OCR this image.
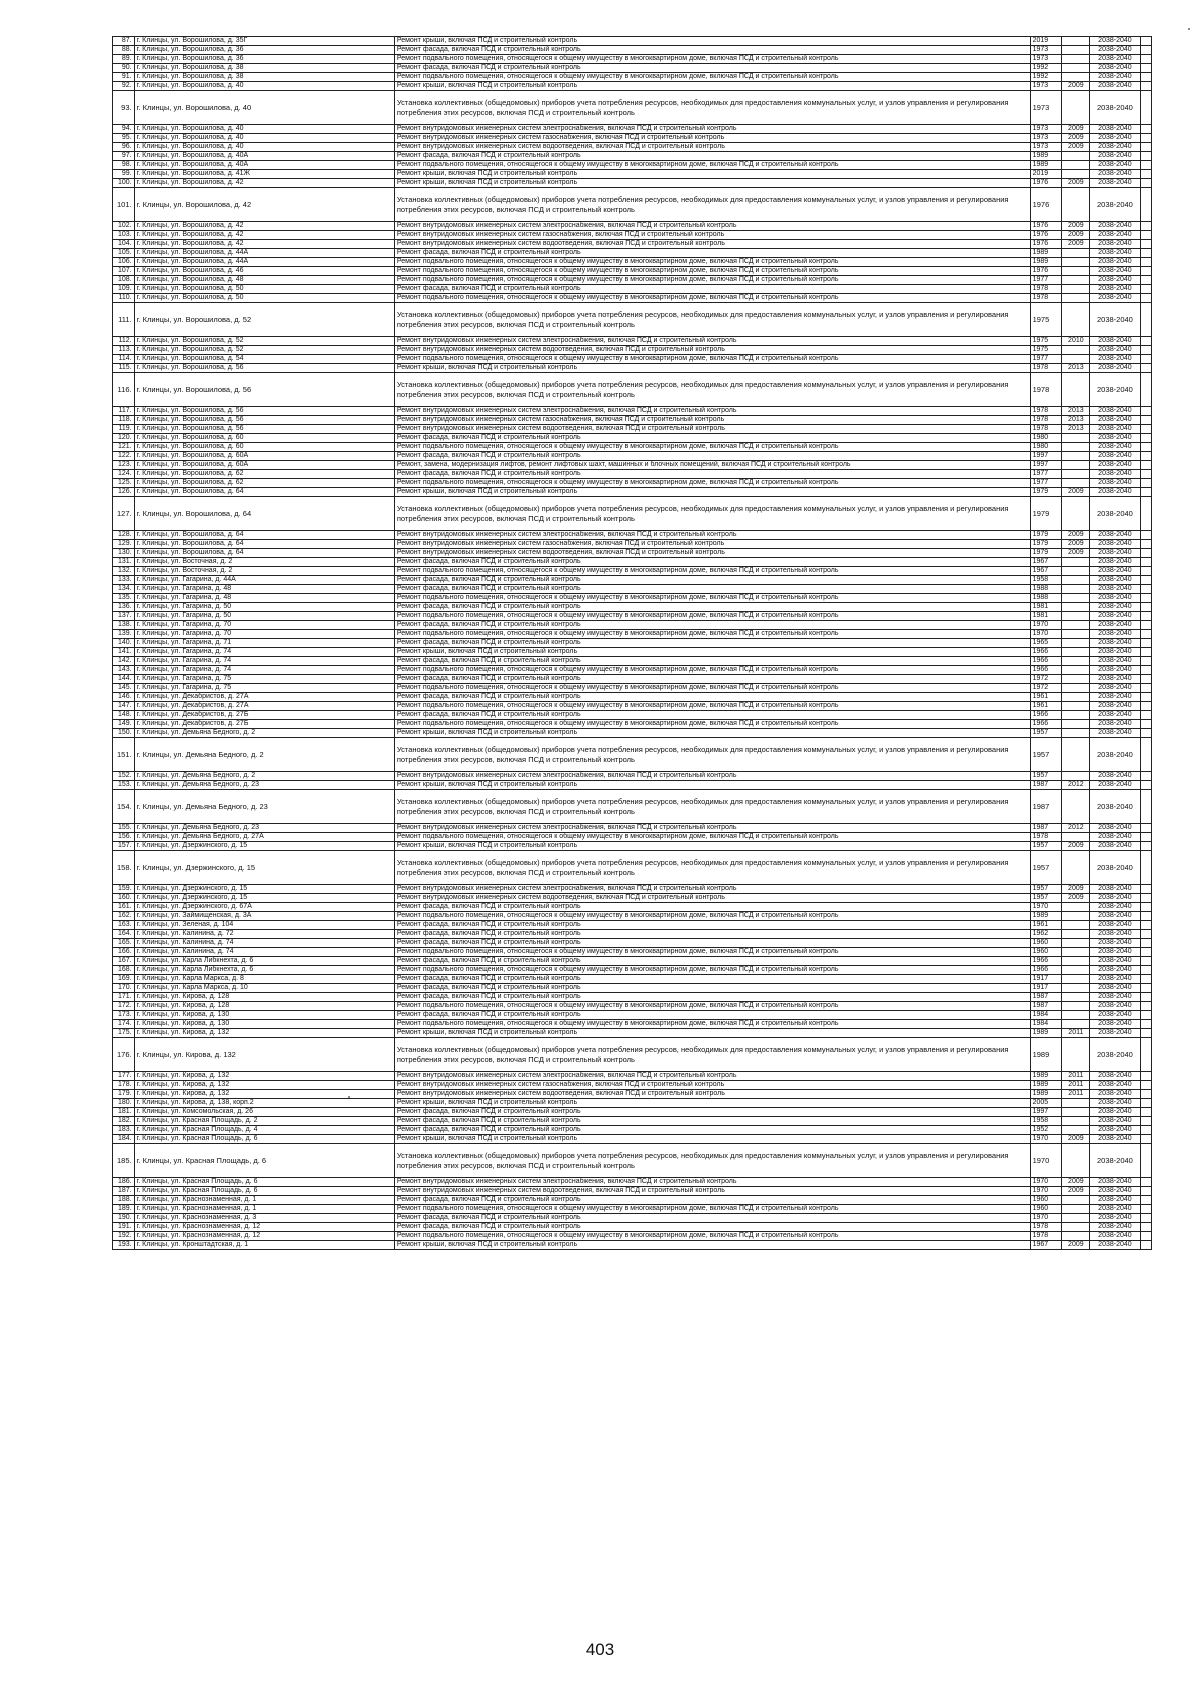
87.	г. Клинцы, ул. Ворошилова, д. 35Г	Ремонт крыши, включая ПСД и строительный контроль	2019		2038-2040	
88.	г. Клинцы, ул. Ворошилова, д. 36	Ремонт фасада, включая ПСД и строительный контроль	1973		2038-2040	
89.	г. Клинцы, ул. Ворошилова, д. 36	Ремонт подвального помещения, относящегося к общему имуществу в многоквартирном доме, включая ПСД и строительный контроль	1973		2038-2040	
90.	г. Клинцы, ул. Ворошилова, д. 38	Ремонт фасада, включая ПСД и строительный контроль	1992		2038-2040	
91.	г. Клинцы, ул. Ворошилова, д. 38	Ремонт подвального помещения, относящегося к общему имуществу в многоквартирном доме, включая ПСД и строительный контроль	1992		2038-2040	
92.	г. Клинцы, ул. Ворошилова, д. 40	Ремонт крыши, включая ПСД и строительный контроль	1973	2009	2038-2040	
93.	г. Клинцы, ул. Ворошилова, д. 40	Установка коллективных (общедомовых) приборов учета потребления ресурсов, необходимых для предоставления коммунальных услуг, и узлов управления и регулирования потребления этих ресурсов, включая ПСД и строительный контроль	1973		2038-2040	
94.	г. Клинцы, ул. Ворошилова, д. 40	Ремонт внутридомовых инженерных систем электроснабжения, включая ПСД и строительный контроль	1973	2009	2038-2040	
95.	г. Клинцы, ул. Ворошилова, д. 40	Ремонт внутридомовых инженерных систем газоснабжения, включая ПСД и строительный контроль	1973	2009	2038-2040	
96.	г. Клинцы, ул. Ворошилова, д. 40	Ремонт внутридомовых инженерных систем водоотведения, включая ПСД и строительный контроль	1973	2009	2038-2040	
97.	г. Клинцы, ул. Ворошилова, д. 40А	Ремонт фасада, включая ПСД и строительный контроль	1989		2038-2040	
98.	г. Клинцы, ул. Ворошилова, д. 40А	Ремонт подвального помещения, относящегося к общему имуществу в многоквартирном доме, включая ПСД и строительный контроль	1989		2038-2040	
99.	г. Клинцы, ул. Ворошилова, д. 41Ж	Ремонт крыши, включая ПСД и строительный контроль	2019		2038-2040	
100.	г. Клинцы, ул. Ворошилова, д. 42	Ремонт крыши, включая ПСД и строительный контроль	1976	2009	2038-2040	
101.	г. Клинцы, ул. Ворошилова, д. 42	Установка коллективных (общедомовых) приборов учета потребления ресурсов, необходимых для предоставления коммунальных услуг, и узлов управления и регулирования потребления этих ресурсов, включая ПСД и строительный контроль	1976		2038-2040	
102.	г. Клинцы, ул. Ворошилова, д. 42	Ремонт внутридомовых инженерных систем электроснабжения, включая ПСД и строительный контроль	1976	2009	2038-2040	
103.	г. Клинцы, ул. Ворошилова, д. 42	Ремонт внутридомовых инженерных систем газоснабжения, включая ПСД и строительный контроль	1976	2009	2038-2040	
104.	г. Клинцы, ул. Ворошилова, д. 42	Ремонт внутридомовых инженерных систем водоотведения, включая ПСД и строительный контроль	1976	2009	2038-2040	
105.	г. Клинцы, ул. Ворошилова, д. 44А	Ремонт фасада, включая ПСД и строительный контроль	1989		2038-2040	
106.	г. Клинцы, ул. Ворошилова, д. 44А	Ремонт подвального помещения, относящегося к общему имуществу в многоквартирном доме, включая ПСД и строительный контроль	1989		2038-2040	
107.	г. Клинцы, ул. Ворошилова, д. 46	Ремонт подвального помещения, относящегося к общему имуществу в многоквартирном доме, включая ПСД и строительный контроль	1976		2038-2040	
108.	г. Клинцы, ул. Ворошилова, д. 48	Ремонт подвального помещения, относящегося к общему имуществу в многоквартирном доме, включая ПСД и строительный контроль	1977		2038-2040	
109.	г. Клинцы, ул. Ворошилова, д. 50	Ремонт фасада, включая ПСД и строительный контроль	1978		2038-2040	
110.	г. Клинцы, ул. Ворошилова, д. 50	Ремонт подвального помещения, относящегося к общему имуществу в многоквартирном доме, включая ПСД и строительный контроль	1978		2038-2040	
111.	г. Клинцы, ул. Ворошилова, д. 52	Установка коллективных (общедомовых) приборов учета потребления ресурсов, необходимых для предоставления коммунальных услуг, и узлов управления и регулирования потребления этих ресурсов, включая ПСД и строительный контроль	1975		2038-2040	
112.	г. Клинцы, ул. Ворошилова, д. 52	Ремонт внутридомовых инженерных систем электроснабжения, включая ПСД и строительный контроль	1975	2010	2038-2040	
113.	г. Клинцы, ул. Ворошилова, д. 52	Ремонт внутридомовых инженерных систем водоотведения, включая ПСД и строительный контроль	1975		2038-2040	
114.	г. Клинцы, ул. Ворошилова, д. 54	Ремонт подвального помещения, относящегося к общему имуществу в многоквартирном доме, включая ПСД и строительный контроль	1977		2038-2040	
115.	г. Клинцы, ул. Ворошилова, д. 56	Ремонт крыши, включая ПСД и строительный контроль	1978	2013	2038-2040	
116.	г. Клинцы, ул. Ворошилова, д. 56	Установка коллективных (общедомовых) приборов учета потребления ресурсов, необходимых для предоставления коммунальных услуг, и узлов управления и регулирования потребления этих ресурсов, включая ПСД и строительный контроль	1978		2038-2040	
117.	г. Клинцы, ул. Ворошилова, д. 56	Ремонт внутридомовых инженерных систем электроснабжения, включая ПСД и строительный контроль	1978	2013	2038-2040	
118.	г. Клинцы, ул. Ворошилова, д. 56	Ремонт внутридомовых инженерных систем газоснабжения, включая ПСД и строительный контроль	1978	2013	2038-2040	
119.	г. Клинцы, ул. Ворошилова, д. 56	Ремонт внутридомовых инженерных систем водоотведения, включая ПСД и строительный контроль	1978	2013	2038-2040	
120.	г. Клинцы, ул. Ворошилова, д. 60	Ремонт фасада, включая ПСД и строительный контроль	1980		2038-2040	
121.	г. Клинцы, ул. Ворошилова, д. 60	Ремонт подвального помещения, относящегося к общему имуществу в многоквартирном доме, включая ПСД и строительный контроль	1980		2038-2040	
122.	г. Клинцы, ул. Ворошилова, д. 60А	Ремонт фасада, включая ПСД и строительный контроль	1997		2038-2040	
123.	г. Клинцы, ул. Ворошилова, д. 60А	Ремонт, замена, модернизация лифтов, ремонт лифтовых шахт, машинных и блочных помещений, включая ПСД и строительный контроль	1997		2038-2040	
124.	г. Клинцы, ул. Ворошилова, д. 62	Ремонт фасада, включая ПСД и строительный контроль	1977		2038-2040	
125.	г. Клинцы, ул. Ворошилова, д. 62	Ремонт подвального помещения, относящегося к общему имуществу в многоквартирном доме, включая ПСД и строительный контроль	1977		2038-2040	
126.	г. Клинцы, ул. Ворошилова, д. 64	Ремонт крыши, включая ПСД и строительный контроль	1979	2009	2038-2040	
127.	г. Клинцы, ул. Ворошилова, д. 64	Установка коллективных (общедомовых) приборов учета потребления ресурсов, необходимых для предоставления коммунальных услуг, и узлов управления и регулирования потребления этих ресурсов, включая ПСД и строительный контроль	1979		2038-2040	
128.	г. Клинцы, ул. Ворошилова, д. 64	Ремонт внутридомовых инженерных систем электроснабжения, включая ПСД и строительный контроль	1979	2009	2038-2040	
129.	г. Клинцы, ул. Ворошилова, д. 64	Ремонт внутридомовых инженерных систем газоснабжения, включая ПСД и строительный контроль	1979	2009	2038-2040	
130.	г. Клинцы, ул. Ворошилова, д. 64	Ремонт внутридомовых инженерных систем водоотведения, включая ПСД и строительный контроль	1979	2009	2038-2040	
131.	г. Клинцы, ул. Восточная, д. 2	Ремонт фасада, включая ПСД и строительный контроль	1967		2038-2040	
132.	г. Клинцы, ул. Восточная, д. 2	Ремонт подвального помещения, относящегося к общему имуществу в многоквартирном доме, включая ПСД и строительный контроль	1967		2038-2040	
133.	г. Клинцы, ул. Гагарина, д. 44А	Ремонт фасада, включая ПСД и строительный контроль	1958		2038-2040	
134.	г. Клинцы, ул. Гагарина, д. 48	Ремонт фасада, включая ПСД и строительный контроль	1988		2038-2040	
135.	г. Клинцы, ул. Гагарина, д. 48	Ремонт подвального помещения, относящегося к общему имуществу в многоквартирном доме, включая ПСД и строительный контроль	1988		2038-2040	
136.	г. Клинцы, ул. Гагарина, д. 50	Ремонт фасада, включая ПСД и строительный контроль	1981		2038-2040	
137.	г. Клинцы, ул. Гагарина, д. 50	Ремонт подвального помещения, относящегося к общему имуществу в многоквартирном доме, включая ПСД и строительный контроль	1981		2038-2040	
138.	г. Клинцы, ул. Гагарина, д. 70	Ремонт фасада, включая ПСД и строительный контроль	1970		2038-2040	
139.	г. Клинцы, ул. Гагарина, д. 70	Ремонт подвального помещения, относящегося к общему имуществу в многоквартирном доме, включая ПСД и строительный контроль	1970		2038-2040	
140.	г. Клинцы, ул. Гагарина, д. 71	Ремонт фасада, включая ПСД и строительный контроль	1965		2038-2040	
141.	г. Клинцы, ул. Гагарина, д. 74	Ремонт крыши, включая ПСД и строительный контроль	1966		2038-2040	
142.	г. Клинцы, ул. Гагарина, д. 74	Ремонт фасада, включая ПСД и строительный контроль	1966		2038-2040	
143.	г. Клинцы, ул. Гагарина, д. 74	Ремонт подвального помещения, относящегося к общему имуществу в многоквартирном доме, включая ПСД и строительный контроль	1966		2038-2040	
144.	г. Клинцы, ул. Гагарина, д. 75	Ремонт фасада, включая ПСД и строительный контроль	1972		2038-2040	
145.	г. Клинцы, ул. Гагарина, д. 75	Ремонт подвального помещения, относящегося к общему имуществу в многоквартирном доме, включая ПСД и строительный контроль	1972		2038-2040	
146.	г. Клинцы, ул. Декабристов, д. 27А	Ремонт фасада, включая ПСД и строительный контроль	1961		2038-2040	
147.	г. Клинцы, ул. Декабристов, д. 27А	Ремонт подвального помещения, относящегося к общему имуществу в многоквартирном доме, включая ПСД и строительный контроль	1961		2038-2040	
148.	г. Клинцы, ул. Декабристов, д. 27Б	Ремонт фасада, включая ПСД и строительный контроль	1966		2038-2040	
149.	г. Клинцы, ул. Декабристов, д. 27Б	Ремонт подвального помещения, относящегося к общему имуществу в многоквартирном доме, включая ПСД и строительный контроль	1966		2038-2040	
150.	г. Клинцы, ул. Демьяна Бедного, д. 2	Ремонт крыши, включая ПСД и строительный контроль	1957		2038-2040	
151.	г. Клинцы, ул. Демьяна Бедного, д. 2	Установка коллективных (общедомовых) приборов учета потребления ресурсов, необходимых для предоставления коммунальных услуг, и узлов управления и регулирования потребления этих ресурсов, включая ПСД и строительный контроль	1957		2038-2040	
152.	г. Клинцы, ул. Демьяна Бедного, д. 2	Ремонт внутридомовых инженерных систем электроснабжения, включая ПСД и строительный контроль	1957		2038-2040	
153.	г. Клинцы, ул. Демьяна Бедного, д. 23	Ремонт крыши, включая ПСД и строительный контроль	1987	2012	2038-2040	
154.	г. Клинцы, ул. Демьяна Бедного, д. 23	Установка коллективных (общедомовых) приборов учета потребления ресурсов, необходимых для предоставления коммунальных услуг, и узлов управления и регулирования потребления этих ресурсов, включая ПСД и строительный контроль	1987		2038-2040	
155.	г. Клинцы, ул. Демьяна Бедного, д. 23	Ремонт внутридомовых инженерных систем электроснабжения, включая ПСД и строительный контроль	1987	2012	2038-2040	
156.	г. Клинцы, ул. Демьяна Бедного, д. 27А	Ремонт подвального помещения, относящегося к общему имуществу в многоквартирном доме, включая ПСД и строительный контроль	1978		2038-2040	
157.	г. Клинцы, ул. Дзержинского, д. 15	Ремонт крыши, включая ПСД и строительный контроль	1957	2009	2038-2040	
158.	г. Клинцы, ул. Дзержинского, д. 15	Установка коллективных (общедомовых) приборов учета потребления ресурсов, необходимых для предоставления коммунальных услуг, и узлов управления и регулирования потребления этих ресурсов, включая ПСД и строительный контроль	1957		2038-2040	
159.	г. Клинцы, ул. Дзержинского, д. 15	Ремонт внутридомовых инженерных систем электроснабжения, включая ПСД и строительный контроль	1957	2009	2038-2040	
160.	г. Клинцы, ул. Дзержинского, д. 15	Ремонт внутридомовых инженерных систем водоотведения, включая ПСД и строительный контроль	1957	2009	2038-2040	
161.	г. Клинцы, ул. Дзержинского, д. 67А	Ремонт фасада, включая ПСД и строительный контроль	1970		2038-2040	
162.	г. Клинцы, ул. Займищенская, д. 3А	Ремонт подвального помещения, относящегося к общему имуществу в многоквартирном доме, включая ПСД и строительный контроль	1989		2038-2040	
163.	г. Клинцы, ул. Зеленая, д. 104	Ремонт фасада, включая ПСД и строительный контроль	1961		2038-2040	
164.	г. Клинцы, ул. Калинина, д. 72	Ремонт фасада, включая ПСД и строительный контроль	1962		2038-2040	
165.	г. Клинцы, ул. Калинина, д. 74	Ремонт фасада, включая ПСД и строительный контроль	1960		2038-2040	
166.	г. Клинцы, ул. Калинина, д. 74	Ремонт подвального помещения, относящегося к общему имуществу в многоквартирном доме, включая ПСД и строительный контроль	1960		2038-2040	
167.	г. Клинцы, ул. Карла Либкнехта, д. 6	Ремонт фасада, включая ПСД и строительный контроль	1966		2038-2040	
168.	г. Клинцы, ул. Карла Либкнехта, д. 6	Ремонт подвального помещения, относящегося к общему имуществу в многоквартирном доме, включая ПСД и строительный контроль	1966		2038-2040	
169.	г. Клинцы, ул. Карла Маркса, д. 8	Ремонт фасада, включая ПСД и строительный контроль	1917		2038-2040	
170.	г. Клинцы, ул. Карла Маркса, д. 10	Ремонт фасада, включая ПСД и строительный контроль	1917		2038-2040	
171.	г. Клинцы, ул. Кирова, д. 128	Ремонт фасада, включая ПСД и строительный контроль	1987		2038-2040	
172.	г. Клинцы, ул. Кирова, д. 128	Ремонт подвального помещения, относящегося к общему имуществу в многоквартирном доме, включая ПСД и строительный контроль	1987		2038-2040	
173.	г. Клинцы, ул. Кирова, д. 130	Ремонт фасада, включая ПСД и строительный контроль	1984		2038-2040	
174.	г. Клинцы, ул. Кирова, д. 130	Ремонт подвального помещения, относящегося к общему имуществу в многоквартирном доме, включая ПСД и строительный контроль	1984		2038-2040	
175.	г. Клинцы, ул. Кирова, д. 132	Ремонт крыши, включая ПСД и строительный контроль	1989	2011	2038-2040	
176.	г. Клинцы, ул. Кирова, д. 132	Установка коллективных (общедомовых) приборов учета потребления ресурсов, необходимых для предоставления коммунальных услуг, и узлов управления и регулирования потребления этих ресурсов, включая ПСД и строительный контроль	1989		2038-2040	
177.	г. Клинцы, ул. Кирова, д. 132	Ремонт внутридомовых инженерных систем электроснабжения, включая ПСД и строительный контроль	1989	2011	2038-2040	
178.	г. Клинцы, ул. Кирова, д. 132	Ремонт внутридомовых инженерных систем газоснабжения, включая ПСД и строительный контроль	1989	2011	2038-2040	
179.	г. Клинцы, ул. Кирова, д. 132	Ремонт внутридомовых инженерных систем водоотведения, включая ПСД и строительный контроль	1989	2011	2038-2040	
180.	г. Клинцы, ул. Кирова, д. 138, корп.2	Ремонт крыши, включая ПСД и строительный контроль	2005		2038-2040	
181.	г. Клинцы, ул. Комсомольская, д. 26	Ремонт фасада, включая ПСД и строительный контроль	1997		2038-2040	
182.	г. Клинцы, ул. Красная Площадь, д. 2	Ремонт фасада, включая ПСД и строительный контроль	1958		2038-2040	
183.	г. Клинцы, ул. Красная Площадь, д. 4	Ремонт фасада, включая ПСД и строительный контроль	1952		2038-2040	
184.	г. Клинцы, ул. Красная Площадь, д. 6	Ремонт крыши, включая ПСД и строительный контроль	1970	2009	2038-2040	
185.	г. Клинцы, ул. Красная Площадь, д. 6	Установка коллективных (общедомовых) приборов учета потребления ресурсов, необходимых для предоставления коммунальных услуг, и узлов управления и регулирования потребления этих ресурсов, включая ПСД и строительный контроль	1970		2038-2040	
186.	г. Клинцы, ул. Красная Площадь, д. 6	Ремонт внутридомовых инженерных систем электроснабжения, включая ПСД и строительный контроль	1970	2009	2038-2040	
187.	г. Клинцы, ул. Красная Площадь, д. 6	Ремонт внутридомовых инженерных систем водоотведения, включая ПСД и строительный контроль	1970	2009	2038-2040	
188.	г. Клинцы, ул. Краснознаменная, д. 1	Ремонт фасада, включая ПСД и строительный контроль	1960		2038-2040	
189.	г. Клинцы, ул. Краснознаменная, д. 1	Ремонт подвального помещения, относящегося к общему имуществу в многоквартирном доме, включая ПСД и строительный контроль	1960		2038-2040	
190.	г. Клинцы, ул. Краснознаменная, д. 3	Ремонт фасада, включая ПСД и строительный контроль	1970		2038-2040	
191.	г. Клинцы, ул. Краснознаменная, д. 12	Ремонт фасада, включая ПСД и строительный контроль	1978		2038-2040	
192.	г. Клинцы, ул. Краснознаменная, д. 12	Ремонт подвального помещения, относящегося к общему имуществу в многоквартирном доме, включая ПСД и строительный контроль	1978		2038-2040	
193.	г. Клинцы, ул. Кронштадтская, д. 1	Ремонт крыши, включая ПСД и строительный контроль	1967	2009	2038-2040	
403
